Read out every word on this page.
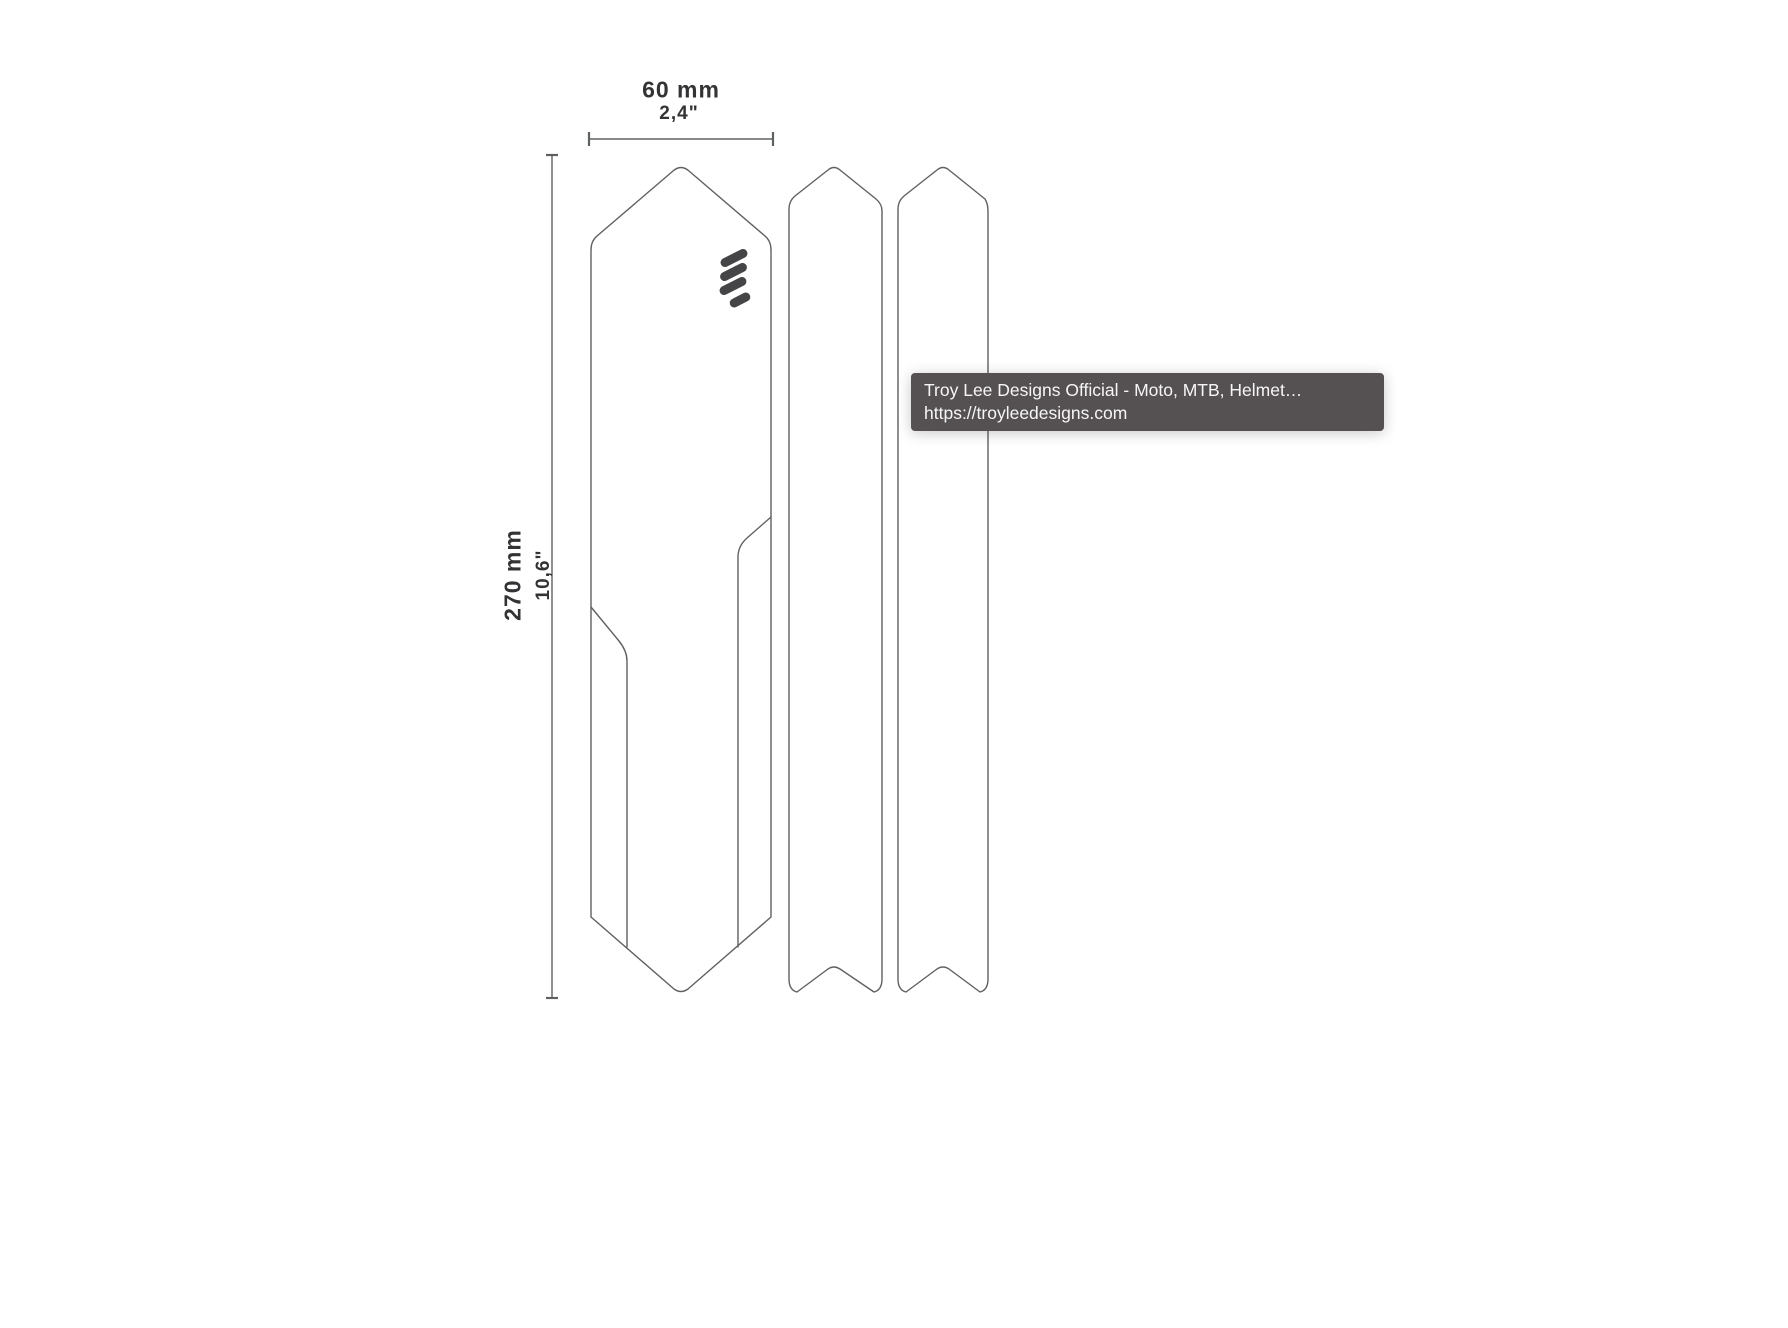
60 mm
2,4"
270 mm 10,6"
Troy Lee Designs Official - Moto, MTB, Helmet…
https://troyleedesigns.com
